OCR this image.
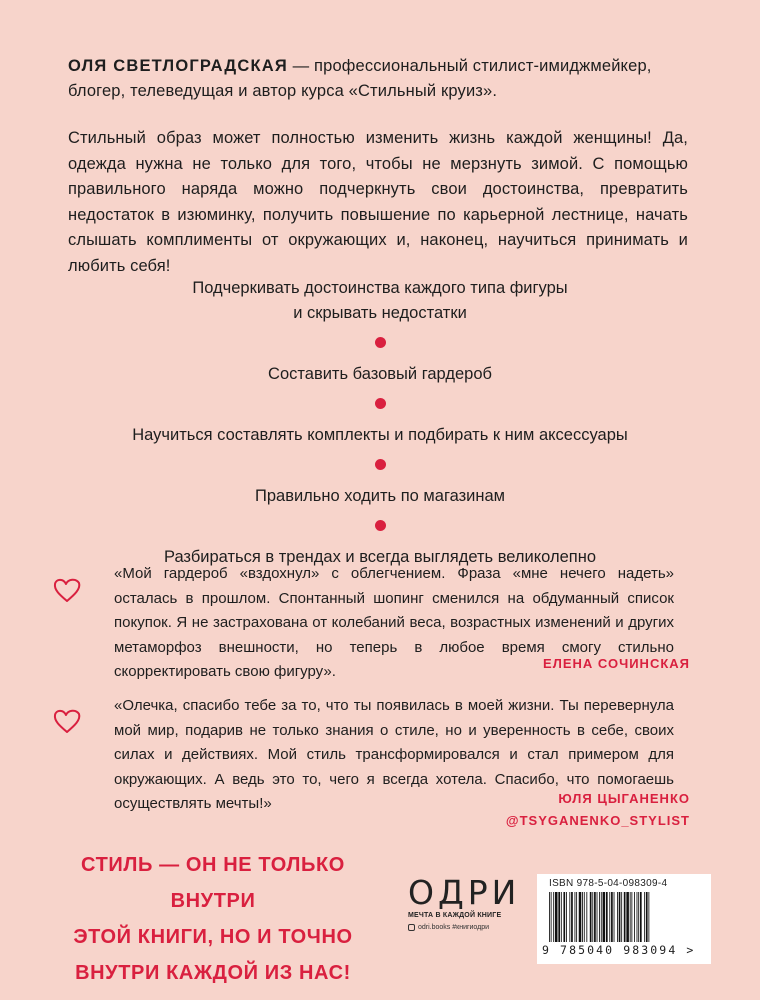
ОЛЯ СВЕТЛОГРАДСКАЯ — профессиональный стилист-имиджмейкер, блогер, телеведущая и автор курса «Стильный круиз».
Стильный образ может полностью изменить жизнь каждой женщины! Да, одежда нужна не только для того, чтобы не мерзнуть зимой. С помощью правильного наряда можно подчеркнуть свои достоинства, превратить недостаток в изюминку, получить повышение по карьерной лестнице, начать слышать комплименты от окружающих и, наконец, научиться принимать и любить себя!
Подчеркивать достоинства каждого типа фигуры
и скрывать недостатки
Составить базовый гардероб
Научиться составлять комплекты и подбирать к ним аксессуары
Правильно ходить по магазинам
Разбираться в трендах и всегда выглядеть великолепно
«Мой гардероб «вздохнул» с облегчением. Фраза «мне нечего надеть» осталась в прошлом. Спонтанный шопинг сменился на обдуманный список покупок. Я не застрахована от колебаний веса, возрастных изменений и других метаморфоз внешности, но теперь в любое время смогу стильно скорректировать свою фигуру».	ЕЛЕНА СОЧИНСКАЯ
«Олечка, спасибо тебе за то, что ты появилась в моей жизни. Ты перевернула мой мир, подарив не только знания о стиле, но и уверенность в себе, своих силах и действиях. Мой стиль трансформировался и стал примером для окружающих. А ведь это то, чего я всегда хотела. Спасибо, что помогаешь осуществлять мечты!»	ЮЛЯ ЦЫГАНЕНКО
@TSYGANENKO_STYLIST
СТИЛЬ — ОН НЕ ТОЛЬКО ВНУТРИ
ЭТОЙ КНИГИ, НО И ТОЧНО
ВНУТРИ КАЖДОЙ ИЗ НАС!
ОДРИ
МЕЧТА В КАЖДОЙ КНИГЕ
odri.books #книгиодри
ISBN 978-5-04-098309-4
9 785040 983094 >
